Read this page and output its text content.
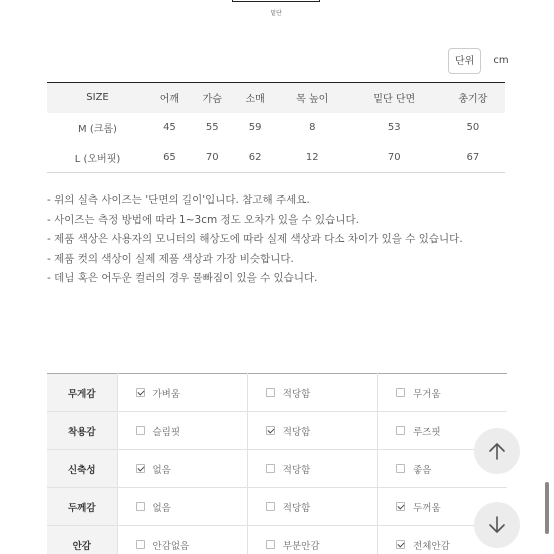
밑단
단위	cm
SIZE	어깨	가슴	소매	목 높이	밑단 단면	총기장
M (크롭)	45	55	59	8	53	50
L (오버핏)	65	70	62	12	70	67
- 위의 실측 사이즈는 '단면의 길이'입니다. 참고해 주세요.
- 사이즈는 측정 방법에 따라 1~3cm 정도 오차가 있을 수 있습니다.
- 제품 색상은 사용자의 모니터의 해상도에 따라 실제 색상과 다소 차이가 있을 수 있습니다.
- 제품 컷의 색상이 실제 제품 색상과 가장 비슷합니다.
- 데님 혹은 어두운 컬러의 경우 물빠짐이 있을 수 있습니다.
무게감	가벼움	적당함	무거움

착용감	슬림핏	적당함	루즈핏

신축성	없음	적당함	좋음

두께감	없음	적당함	두꺼움

안감	안감없음	부분안감	전체안감
